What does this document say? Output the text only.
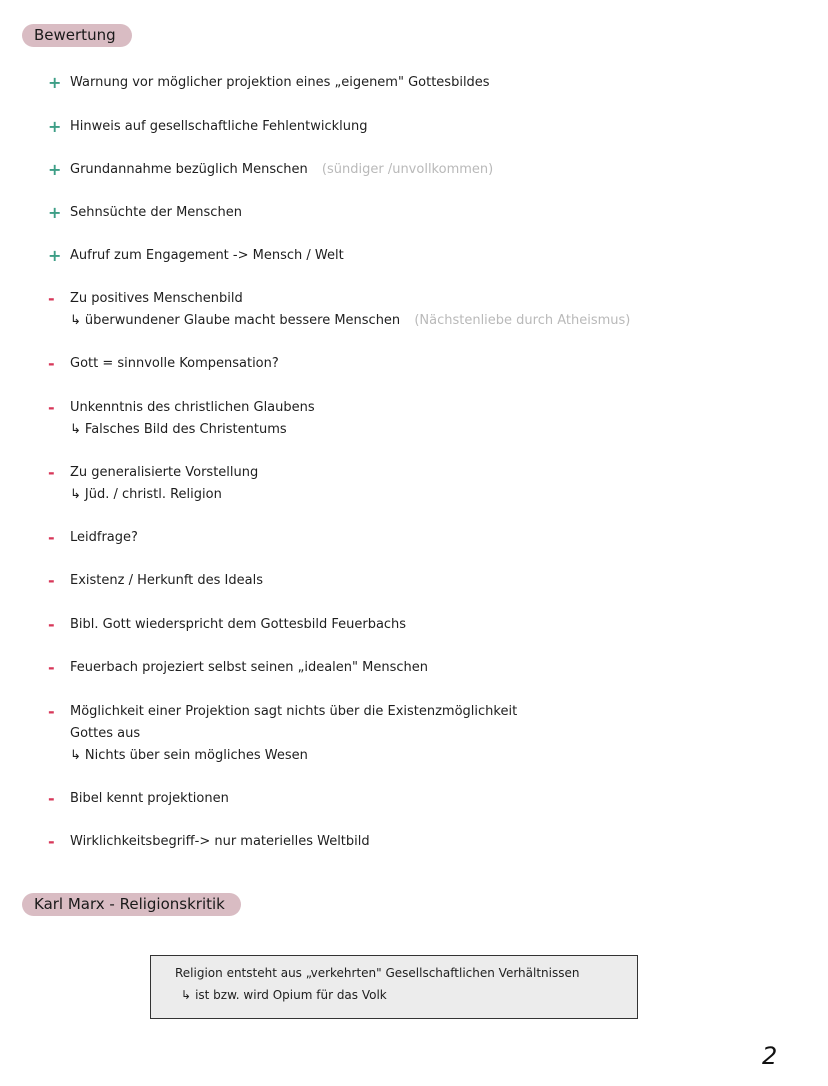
Bewertung
+ Warnung vor möglicher projektion eines „eigenem" Gottesbildes
+ Hinweis auf gesellschaftliche Fehlentwicklung
+ Grundannahme bezüglich Menschen (sündiger /unvollkommen)
+ Sehnsüchte der Menschen
+ Aufruf zum Engagement -> Mensch / Welt
-	Zu positives Menschenbild
↳ überwundener Glaube macht bessere Menschen (Nächstenliebe durch Atheismus)
-	Gott = sinnvolle Kompensation?
-	Unkenntnis des christlichen Glaubens
↳ Falsches Bild des Christentums
-	Zu generalisierte Vorstellung
↳ Jüd. / christl. Religion
-	Leidfrage?
-	Existenz / Herkunft des Ideals
-	Bibl. Gott wiederspricht dem Gottesbild Feuerbachs
-	Feuerbach projeziert selbst seinen „idealen" Menschen
-	Möglichkeit einer Projektion sagt nichts über die Existenzmöglichkeit
Gottes aus
↳ Nichts über sein mögliches Wesen
-	Bibel kennt projektionen
-	Wirklichkeitsbegriff-> nur materielles Weltbild
Karl Marx - Religionskritik
Religion entsteht aus „verkehrten" Gesellschaftlichen Verhältnissen
↳ ist bzw. wird Opium für das Volk
2
